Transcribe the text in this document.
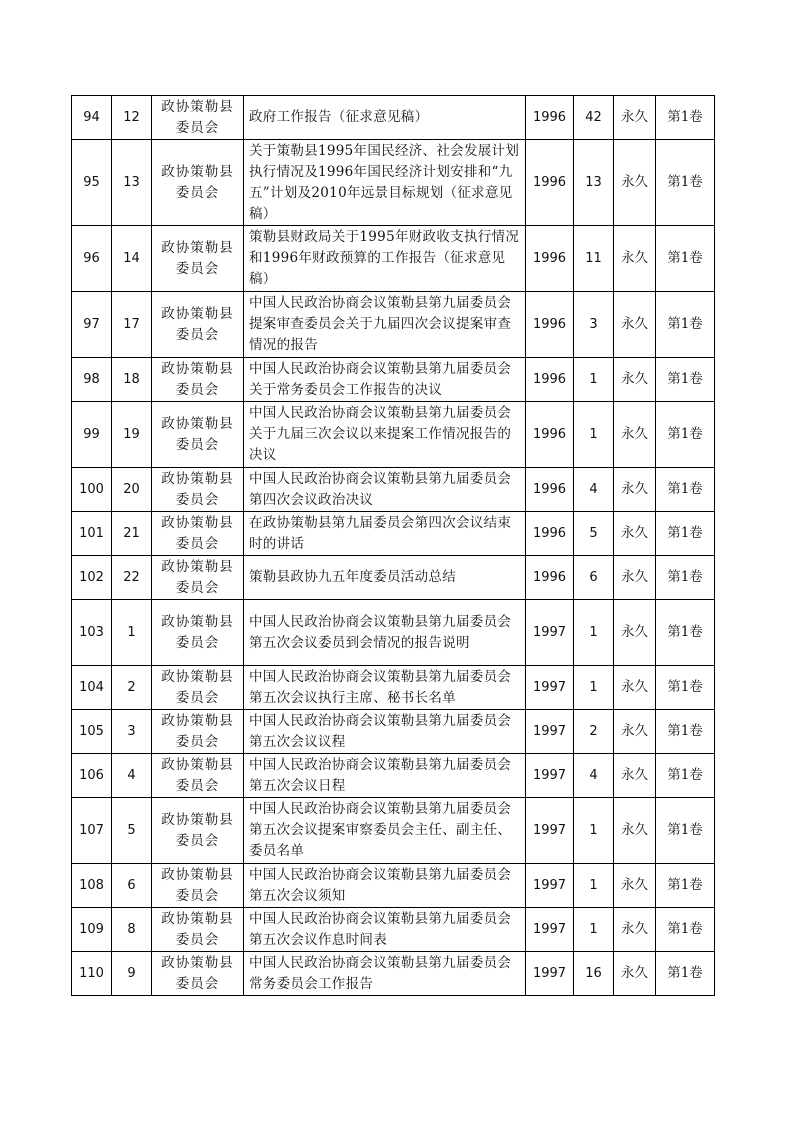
94	12	政协策勒县委员会	政府工作报告（征求意见稿）	1996	42	永久	第1卷
95	13	政协策勒县委员会	关于策勒县1995年国民经济、社会发展计划执行情况及1996年国民经济计划安排和“九五”计划及2010年远景目标规划（征求意见稿）	1996	13	永久	第1卷
96	14	政协策勒县委员会	策勒县财政局关于1995年财政收支执行情况和1996年财政预算的工作报告（征求意见稿）	1996	11	永久	第1卷
97	17	政协策勒县委员会	中国人民政治协商会议策勒县第九届委员会提案审查委员会关于九届四次会议提案审查情况的报告	1996	3	永久	第1卷
98	18	政协策勒县委员会	中国人民政治协商会议策勒县第九届委员会关于常务委员会工作报告的决议	1996	1	永久	第1卷
99	19	政协策勒县委员会	中国人民政治协商会议策勒县第九届委员会关于九届三次会议以来提案工作情况报告的决议	1996	1	永久	第1卷
100	20	政协策勒县委员会	中国人民政治协商会议策勒县第九届委员会第四次会议政治决议	1996	4	永久	第1卷
101	21	政协策勒县委员会	在政协策勒县第九届委员会第四次会议结束时的讲话	1996	5	永久	第1卷
102	22	政协策勒县委员会	策勒县政协九五年度委员活动总结	1996	6	永久	第1卷
103	1	政协策勒县委员会	中国人民政治协商会议策勒县第九届委员会第五次会议委员到会情况的报告说明	1997	1	永久	第1卷
104	2	政协策勒县委员会	中国人民政治协商会议策勒县第九届委员会第五次会议执行主席、秘书长名单	1997	1	永久	第1卷
105	3	政协策勒县委员会	中国人民政治协商会议策勒县第九届委员会第五次会议议程	1997	2	永久	第1卷
106	4	政协策勒县委员会	中国人民政治协商会议策勒县第九届委员会第五次会议日程	1997	4	永久	第1卷
107	5	政协策勒县委员会	中国人民政治协商会议策勒县第九届委员会第五次会议提案审察委员会主任、副主任、委员名单	1997	1	永久	第1卷
108	6	政协策勒县委员会	中国人民政治协商会议策勒县第九届委员会第五次会议须知	1997	1	永久	第1卷
109	8	政协策勒县委员会	中国人民政治协商会议策勒县第九届委员会第五次会议作息时间表	1997	1	永久	第1卷
110	9	政协策勒县委员会	中国人民政治协商会议策勒县第九届委员会常务委员会工作报告	1997	16	永久	第1卷
